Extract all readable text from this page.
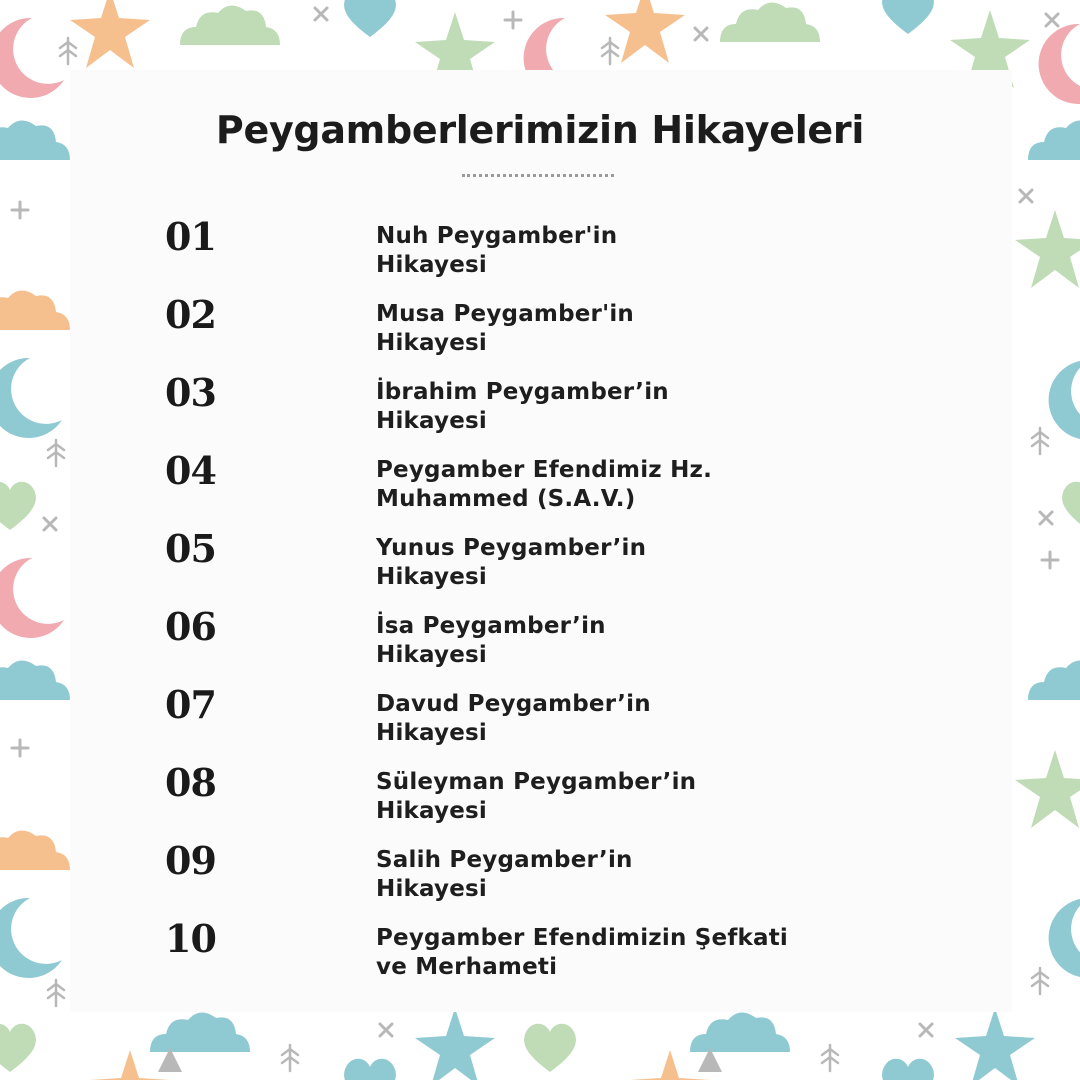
Peygamberlerimizin Hikayeleri
01	Nuh Peygamber'in
Hikayesi
02	Musa Peygamber'in
Hikayesi
03	İbrahim Peygamber’in
Hikayesi
04	Peygamber Efendimiz Hz.
Muhammed (S.A.V.)
05	Yunus Peygamber’in
Hikayesi
06	İsa Peygamber’in
Hikayesi
07	Davud Peygamber’in
Hikayesi
08	Süleyman Peygamber’in
Hikayesi
09	Salih Peygamber’in
Hikayesi
10	Peygamber Efendimizin Şefkati
ve Merhameti
